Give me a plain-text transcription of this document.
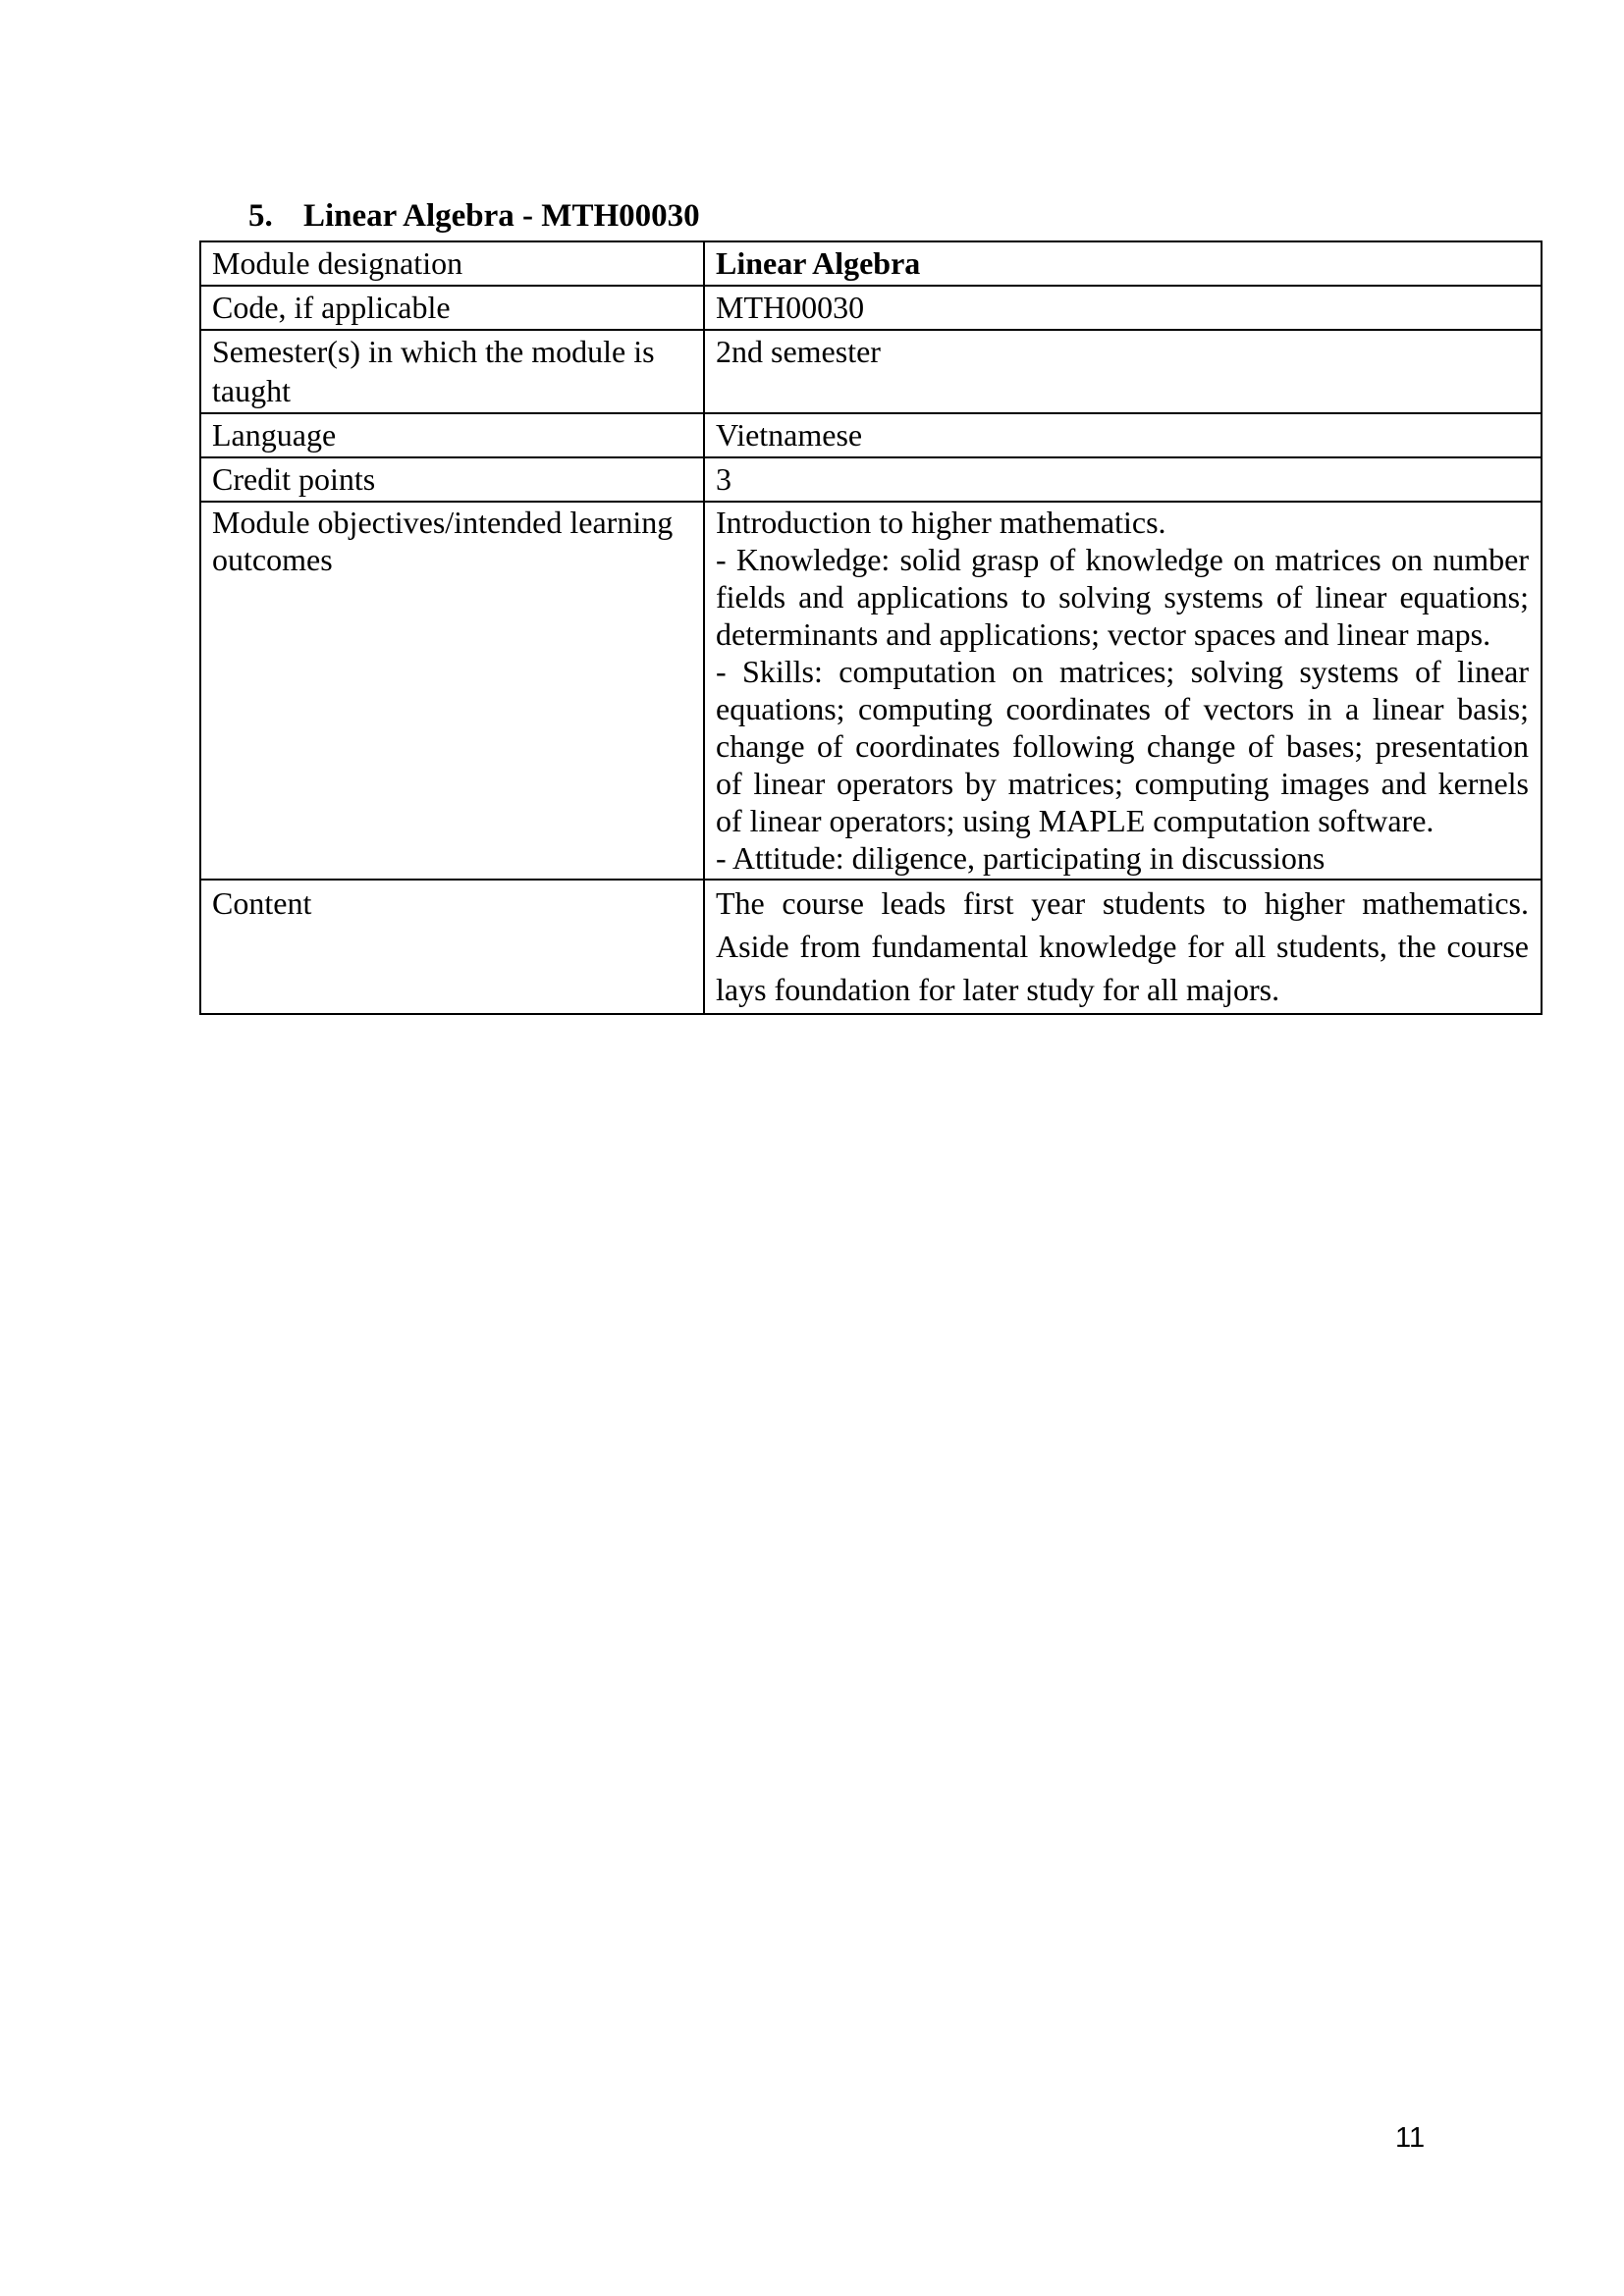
5. Linear Algebra - MTH00030
Module designation	Linear Algebra
Code, if applicable	MTH00030
Semester(s) in which the module is taught	2nd semester
Language	Vietnamese
Credit points	3
Module objectives/intended learning outcomes	Introduction to higher mathematics.

- Knowledge: solid grasp of knowledge on matrices on number fields and applications to solving systems of linear equations; determinants and applications; vector spaces and linear maps.

- Skills: computation on matrices; solving systems of linear equations; computing coordinates of vectors in a linear basis; change of coordinates following change of bases; presentation of linear operators by matrices; computing images and kernels of linear operators; using MAPLE computation software.

- Attitude: diligence, participating in discussions

Content	The course leads first year students to higher mathematics. Aside from fundamental knowledge for all students, the course lays foundation for later study for all majors.

11
